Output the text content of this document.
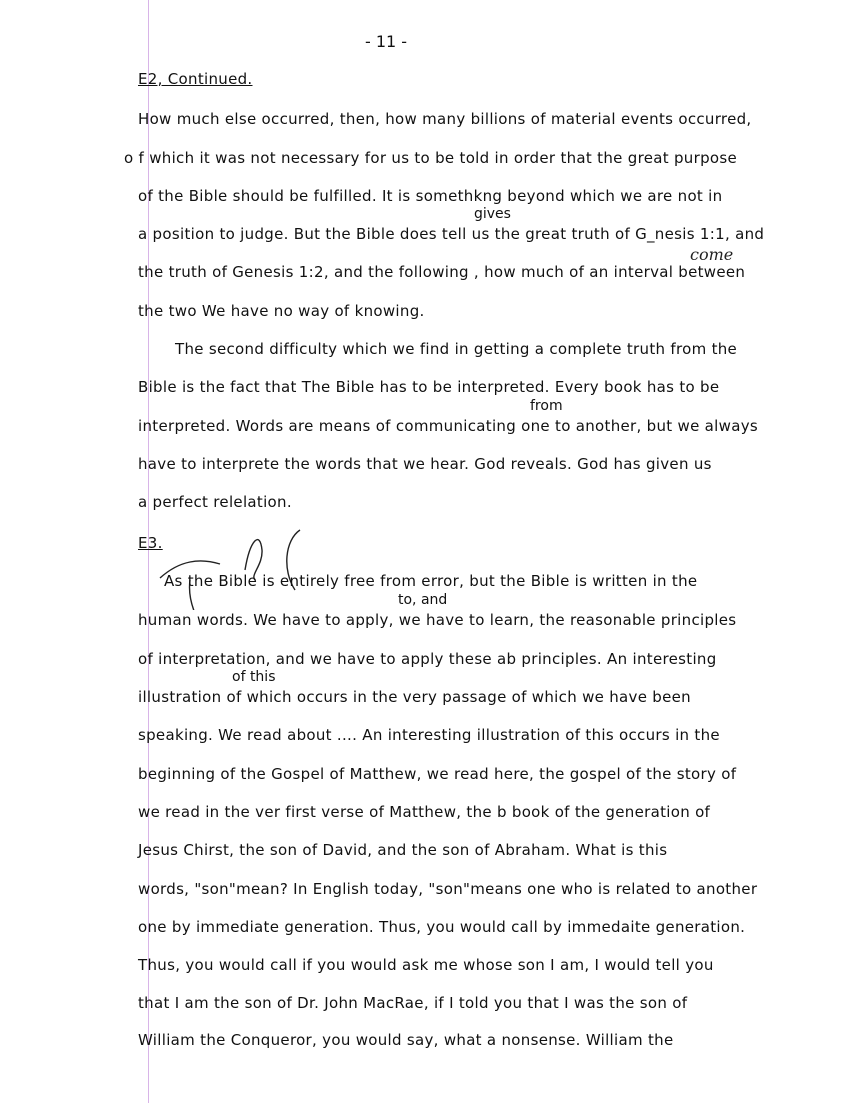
- 11 -
E2, Continued.
How much else occurred, then, how many billions of material events occurred,
o f which it was not necessary for us to be told in order that the great purpose
of the Bible should be fulfilled. It is somethkng beyond which we are not in
gives
a position to judge. But the Bible does tell us the great truth of G_nesis 1:1, and
come
the truth of Genesis 1:2, and the following , how much of an interval between
the two We have no way of knowing.
The second difficulty which we find in getting a complete truth from the
Bible is the fact that The Bible has to be interpreted. Every book has to be
from
interpreted. Words are means of communicating one to another, but we always
have to interprete the words that we hear. God reveals. God has given us
a perfect relelation.
E3.
As the Bible is entirely free from error, but the Bible is written in the
to, and
human words. We have to apply, we have to learn, the reasonable principles
of interpretation, and we have to apply these ab principles. An interesting
of this
illustration of which occurs in the very passage of which we have been
speaking. We read about .... An interesting illustration of this occurs in the
beginning of the Gospel of Matthew, we read here, the gospel of the story of
we read in the ver first verse of Matthew, the b book of the generation of
Jesus Chirst, the son of David, and the son of Abraham. What is this
words, "son"mean? In English today, "son"means one who is related to another
one by immediate generation. Thus, you would call by immedaite generation.
Thus, you would call if you would ask me whose son I am, I would tell you
that I am the son of Dr. John MacRae, if I told you that I was the son of
William the Conqueror, you would say, what a nonsense. William the
